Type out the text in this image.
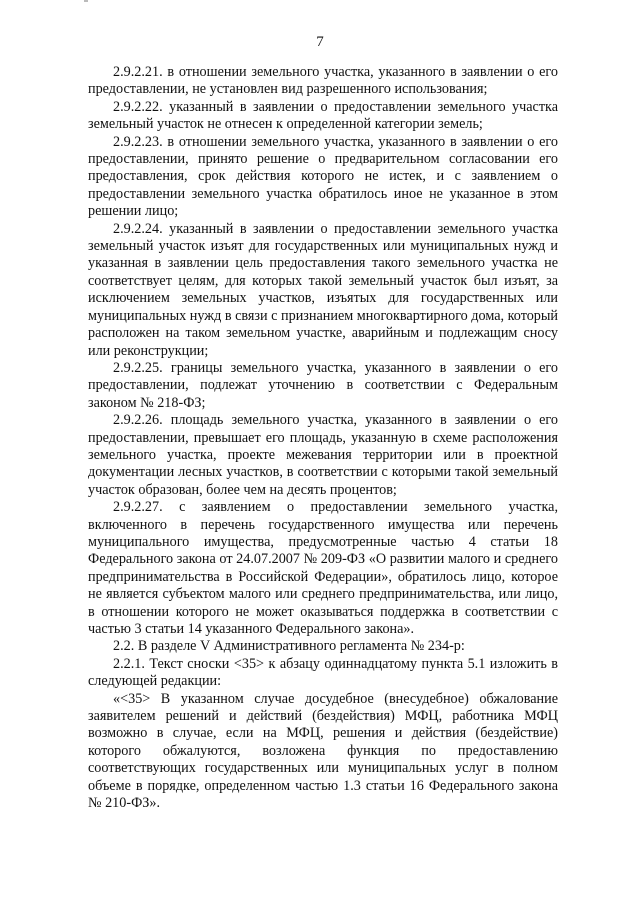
7

2.9.2.21. в отношении земельного участка, указанного в заявлении о его предоставлении, не установлен вид разрешенного использования;

2.9.2.22. указанный в заявлении о предоставлении земельного участка земельный участок не отнесен к определенной категории земель;

2.9.2.23. в отношении земельного участка, указанного в заявлении о его предоставлении, принято решение о предварительном согласовании его предоставления, срок действия которого не истек, и с заявлением о предоставлении земельного участка обратилось иное не указанное в этом решении лицо;

2.9.2.24. указанный в заявлении о предоставлении земельного участка земельный участок изъят для государственных или муниципальных нужд и указанная в заявлении цель предоставления такого земельного участка не соответствует целям, для которых такой земельный участок был изъят, за исключением земельных участков, изъятых для государственных или муниципальных нужд в связи с признанием многоквартирного дома, который расположен на таком земельном участке, аварийным и подлежащим сносу или реконструкции;

2.9.2.25. границы земельного участка, указанного в заявлении о его предоставлении, подлежат уточнению в соответствии с Федеральным законом № 218-ФЗ;

2.9.2.26. площадь земельного участка, указанного в заявлении о его предоставлении, превышает его площадь, указанную в схеме расположения земельного участка, проекте межевания территории или в проектной документации лесных участков, в соответствии с которыми такой земельный участок образован, более чем на десять процентов;

2.9.2.27. с заявлением о предоставлении земельного участка, включенного в перечень государственного имущества или перечень муниципального имущества, предусмотренные частью 4 статьи 18 Федерального закона от 24.07.2007 № 209-ФЗ «О развитии малого и среднего предпринимательства в Российской Федерации», обратилось лицо, которое не является субъектом малого или среднего предпринимательства, или лицо, в отношении которого не может оказываться поддержка в соответствии с частью 3 статьи 14 указанного Федерального закона».

2.2. В разделе V Административного регламента № 234-р:

2.2.1. Текст сноски <35> к абзацу одиннадцатому пункта 5.1 изложить в следующей редакции:

«<35> В указанном случае досудебное (внесудебное) обжалование заявителем решений и действий (бездействия) МФЦ, работника МФЦ возможно в случае, если на МФЦ, решения и действия (бездействие) которого обжалуются, возложена функция по предоставлению соответствующих государственных или муниципальных услуг в полном объеме в порядке, определенном частью 1.3 статьи 16 Федерального закона № 210-ФЗ».
